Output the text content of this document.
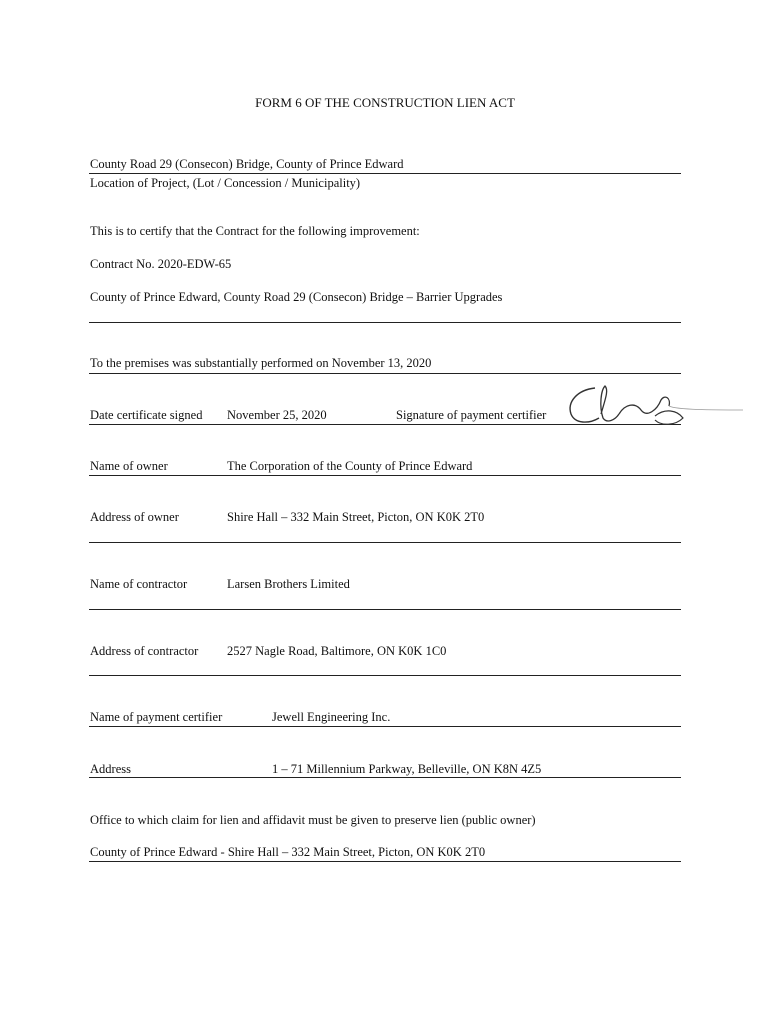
FORM 6 OF THE CONSTRUCTION LIEN ACT
County Road 29 (Consecon) Bridge, County of Prince Edward
Location of Project, (Lot / Concession / Municipality)
This is to certify that the Contract for the following improvement:
Contract No. 2020-EDW-65
County of Prince Edward, County Road 29 (Consecon) Bridge – Barrier Upgrades
To the premises was substantially performed on November 13, 2020
Date certificate signed November 25, 2020	Signature of payment certifier
Name of owner	The Corporation of the County of Prince Edward
Address of owner	Shire Hall – 332 Main Street, Picton, ON K0K 2T0
Name of contractor	Larsen Brothers Limited
Address of contractor 2527 Nagle Road, Baltimore, ON K0K 1C0
Name of payment certifier	Jewell Engineering Inc.
Address	1 – 71 Millennium Parkway, Belleville, ON K8N 4Z5
Office to which claim for lien and affidavit must be given to preserve lien (public owner)
County of Prince Edward - Shire Hall – 332 Main Street, Picton, ON K0K 2T0
